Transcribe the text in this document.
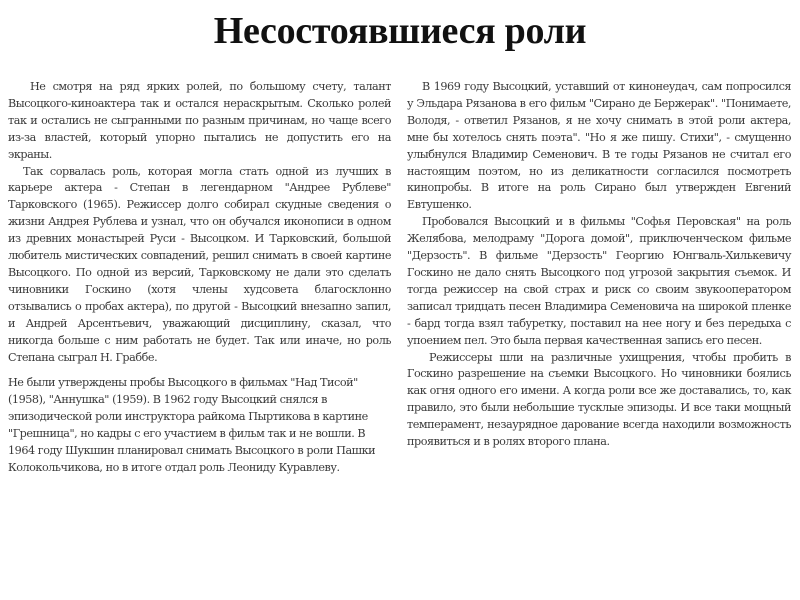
Несостоявшиеся роли

Не смотря на ряд ярких ролей, по большому счету, талант Высоцкого-киноактера так и остался нераскрытым. Сколько ролей так и остались не сыгранными по разным причинам, но чаще всего из-за властей, который упорно пытались не допустить его на экраны.

Так сорвалась роль, которая могла стать одной из лучших в карьере актера - Степан в легендарном "Андрее Рублеве" Тарковского (1965). Режиссер долго собирал скудные сведения о жизни Андрея Рублева и узнал, что он обучался иконописи в одном из древних монастырей Руси - Высоцком. И Тарковский, большой любитель мистических совпадений, решил снимать в своей картине Высоцкого. По одной из версий, Тарковскому не дали это сделать чиновники Госкино (хотя члены худсовета благосклонно отзывались о пробах актера), по другой - Высоцкий внезапно запил, и Андрей Арсентьевич, уважающий дисциплину, сказал, что никогда больше с ним работать не будет. Так или иначе, но роль Степана сыграл Н. Граббе.

Не были утверждены пробы Высоцкого в фильмах "Над Тисой" (1958), "Аннушка" (1959). В 1962 году Высоцкий снялся в эпизодической роли инструктора райкома Пыртикова в картине "Грешница", но кадры с его участием в фильм так и не вошли. В 1964 году Шукшин планировал снимать Высоцкого в роли Пашки Колокольчикова, но в итоге отдал роль Леониду Куравлеву.

В 1969 году Высоцкий, уставший от кинонеудач, сам попросился у Эльдара Рязанова в его фильм "Сирано де Бержерак". "Понимаете, Володя, - ответил Рязанов, я не хочу снимать в этой роли актера, мне бы хотелось снять поэта". "Но я же пишу. Стихи", - смущенно улыбнулся Владимир Семенович. В те годы Рязанов не считал его настоящим поэтом, но из деликатности согласился посмотреть кинопробы. В итоге на роль Сирано был утвержден Евгений Евтушенко.

Пробовался Высоцкий и в фильмы "Софья Перовская" на роль Желябова, мелодраму "Дорога домой", приключенческом фильме "Дерзость". В фильме "Дерзость" Георгию Юнгваль-Хилькевичу Госкино не дало снять Высоцкого под угрозой закрытия съемок. И тогда режиссер на свой страх и риск со своим звукооператором записал тридцать песен Владимира Семеновича на широкой пленке - бард тогда взял табуретку, поставил на нее ногу и без передыха с упоением пел. Это была первая качественная запись его песен.

Режиссеры шли на различные ухищрения, чтобы пробить в Госкино разрешение на съемки Высоцкого. Но чиновники боялись как огня одного его имени. А когда роли все же доставались, то, как правило, это были небольшие тусклые эпизоды. И все таки мощный темперамент, незаурядное дарование всегда находили возможность проявиться и в ролях второго плана.
